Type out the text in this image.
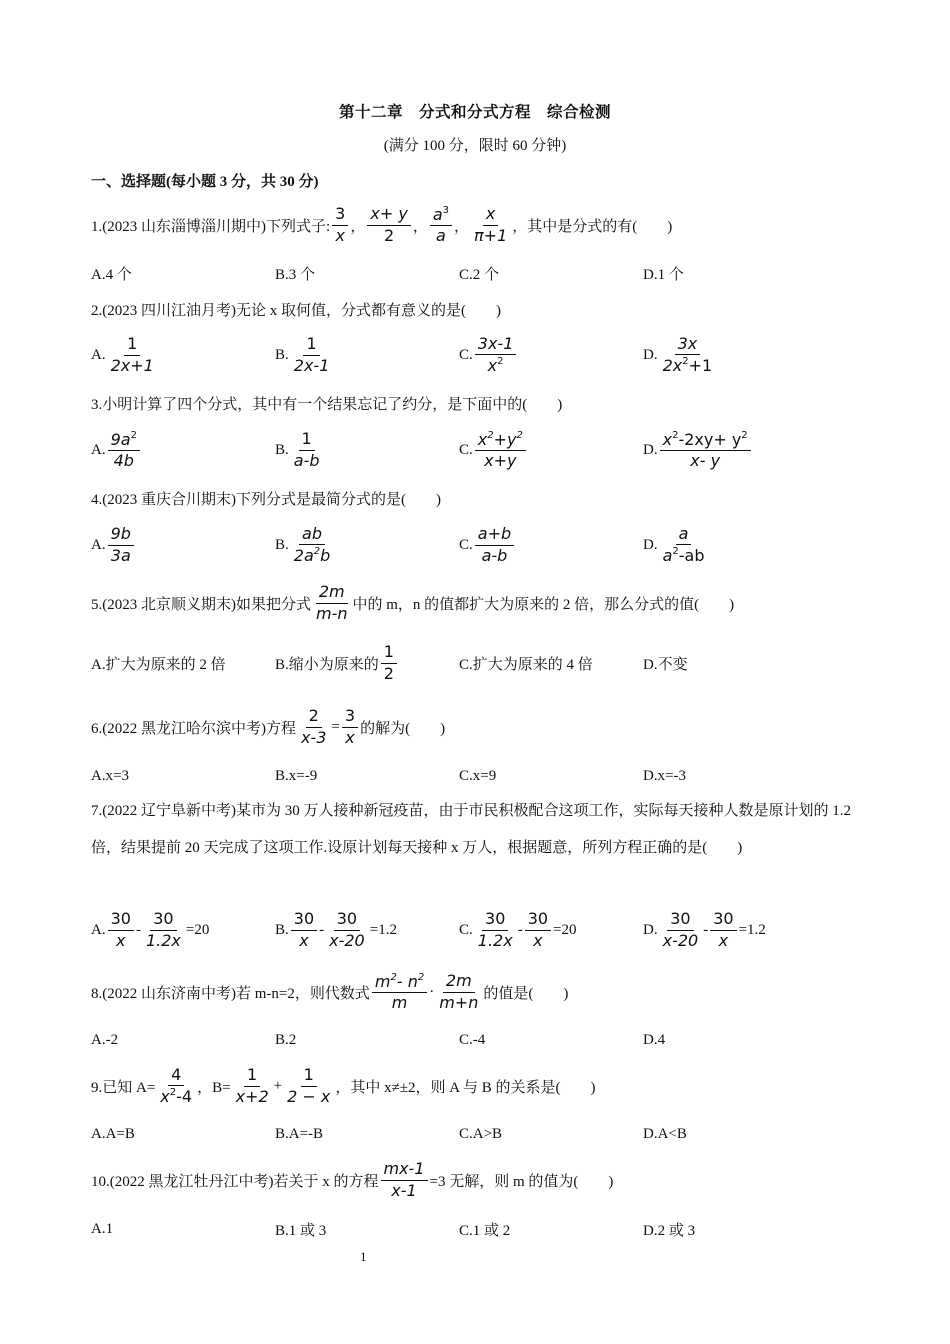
第十二章　分式和分式方程　综合检测
(满分 100 分，限时 60 分钟)
一、选择题(每小题 3 分，共 30 分)
1.(2023 山东淄博淄川期中)下列式子: $\frac{3}{x}$ ， $\frac{x+ y}{2}$ ， $\frac{a^3}{a}$ ， $\frac{x}{\pi+1}$ ，其中是分式的有(　　)
A.4 个	B.3 个	C.2 个	D.1 个
2.(2023 四川江油月考)无论 x 取何值，分式都有意义的是(　　)
A. $\frac{1}{2x+1}$	B. $\frac{1}{2x-1}$	C. $\frac{3x-1}{x^2}$	D. $\frac{3x}{2x^2+1}$
3.小明计算了四个分式，其中有一个结果忘记了约分，是下面中的(　　)
A. $\frac{9a^2}{4b}$	B. $\frac{1}{a-b}$	C. $\frac{x^2+y^2}{x+y}$	D. $\frac{x^2-2xy+ y^2}{x- y}$
4.(2023 重庆合川期末)下列分式是最简分式的是(　　)
A. $\frac{9b}{3a}$	B. $\frac{ab}{2a^2b}$	C. $\frac{a+b}{a-b}$	D. $\frac{a}{a^2-ab}$
5.(2023 北京顺义期末)如果把分式 $\frac{2m}{m-n}$ 中的 m，n 的值都扩大为原来的 2 倍，那么分式的值(　　)
A.扩大为原来的 2 倍	B.缩小为原来的 $\frac{1}{2}$	C.扩大为原来的 4 倍	D.不变
6.(2022 黑龙江哈尔滨中考)方程 $\frac{2}{x-3} = \frac{3}{x}$ 的解为(　　)
A.x=3	B.x=-9	C.x=9	D.x=-3
7.(2022 辽宁阜新中考)某市为 30 万人接种新冠疫苗，由于市民积极配合这项工作，实际每天接种人数是原计划的 1.2 倍，结果提前 20 天完成了这项工作.设原计划每天接种 x 万人，根据题意，所列方程正确的是(　　)
A. $\frac{30}{x} - \frac{30}{1.2x} =20$	B. $\frac{30}{x} - \frac{30}{x-20} =1.2$	C. $\frac{30}{1.2x} - \frac{30}{x} =20$	D. $\frac{30}{x-20} - \frac{30}{x} =1.2$
8.(2022 山东济南中考)若 m-n=2，则代数式 $\frac{m^2- n^2}{m} \cdot \frac{2m}{m+n}$ 的值是(　　)
A.-2	B.2	C.-4	D.4
9.已知 $A= \frac{4}{x^2-4}$ ，$B= \frac{1}{x+2} + \frac{1}{2 - x}$ ，其中 x≠±2，则 A 与 B 的关系是(　　)
A.A=B	B.A=-B	C.A>B	D.A<B
10.(2022 黑龙江牡丹江中考)若关于 x 的方程 $\frac{mx-1}{x-1} =3$ 无解，则 m 的值为(　　)
A.1	B.1 或 3	C.1 或 2	D.2 或 3
1
